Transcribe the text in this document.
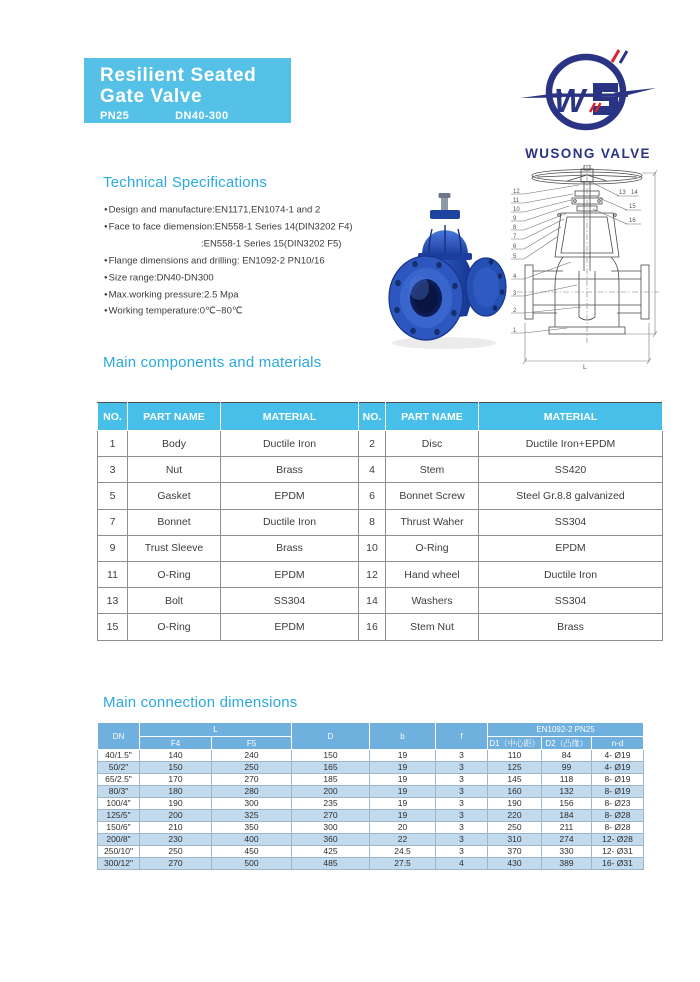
Resilient Seated
Gate Valve
PN25	DN40-300	W
WUSONG VALVE
Technical Specifications
●Design and manufacture:EN1171,EN1074-1 and 2
●Face to face diemension:EN558-1 Series 14(DIN3202 F4)
:EN558-1 Series 15(DIN3202 F5)
●Flange dimensions and drilling: EN1092-2 PN10/16
●Size range:DN40-DN300
●Max.working pressure:2.5 Mpa
●Working temperature:0℃~80℃
12
11
10
9
8
7
6
5
4
3
2
1
13 14
15
16
L
Main components and materials
NO.	PART NAME	MATERIAL	NO.	PART NAME	MATERIAL
1	Body	Ductile Iron	2	Disc	Ductile Iron+EPDM
3	Nut	Brass	4	Stem	SS420
5	Gasket	EPDM	6	Bonnet Screw	Steel Gr.8.8 galvanized
7	Bonnet	Ductile Iron	8	Thrust Waher	SS304
9	Trust Sleeve	Brass	10	O-Ring	EPDM
11	O-Ring	EPDM	12	Hand wheel	Ductile Iron
13	Bolt	SS304	14	Washers	SS304
15	O-Ring	EPDM	16	Stem Nut	Brass
Main connection dimensions
DN	L		D	b	f	EN1092-2 PN25		
	F4	F5				D1（中心距）	D2（凸缘）	n-d
40/1.5"	140	240	150	19	3	110	84	4- Ø19
50/2"	150	250	165	19	3	125	99	4- Ø19
65/2.5"	170	270	185	19	3	145	118	8- Ø19
80/3"	180	280	200	19	3	160	132	8- Ø19
100/4"	190	300	235	19	3	190	156	8- Ø23
125/5"	200	325	270	19	3	220	184	8- Ø28
150/6"	210	350	300	20	3	250	211	8- Ø28
200/8"	230	400	360	22	3	310	274	12- Ø28
250/10"	250	450	425	24.5	3	370	330	12- Ø31
300/12"	270	500	485	27.5	4	430	389	16- Ø31
